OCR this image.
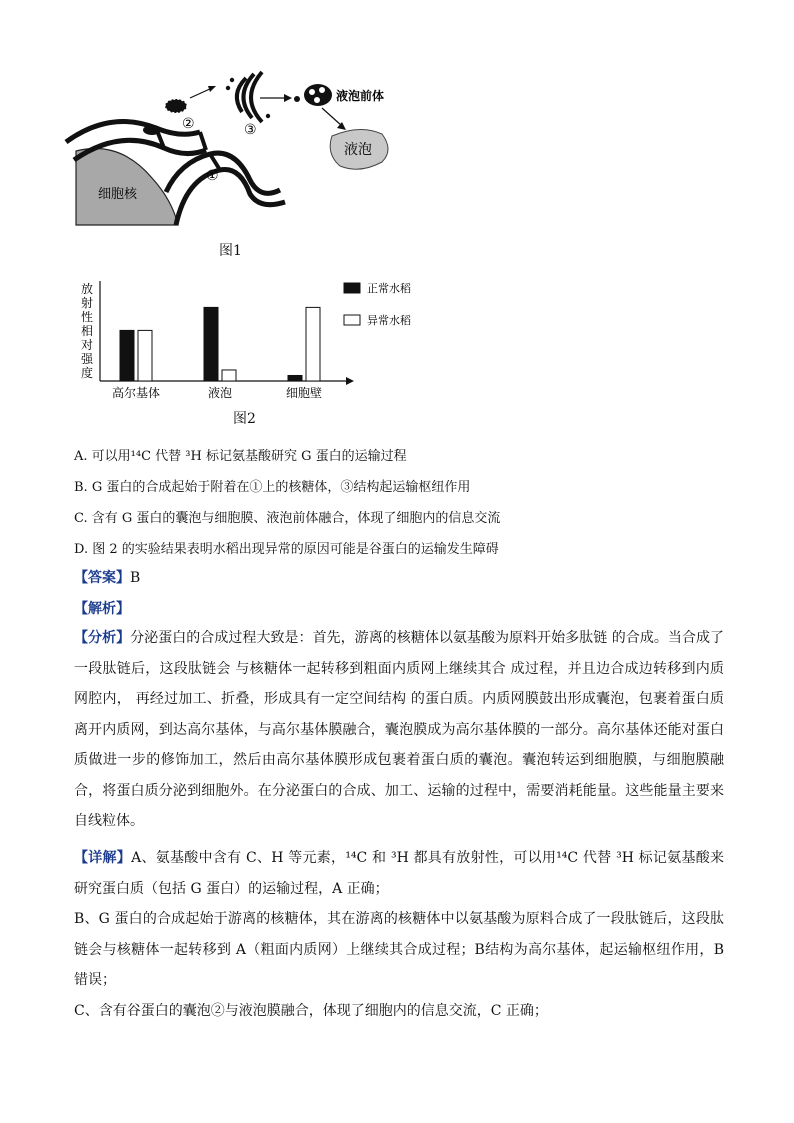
②	③
液泡前体
液泡
①
细胞核
图1
放
射
性
相
对
强
度
高尔基体	液泡	细胞壁
正常水稻
异常水稻
图2
A. 可以用¹⁴C 代替 ³H 标记氨基酸研究 G 蛋白的运输过程
B. G 蛋白的合成起始于附着在①上的核糖体，③结构起运输枢纽作用
C. 含有 G 蛋白的囊泡与细胞膜、液泡前体融合，体现了细胞内的信息交流
D. 图 2 的实验结果表明水稻出现异常的原因可能是谷蛋白的运输发生障碍
【答案】B
【解析】
【分析】分泌蛋白的合成过程大致是：首先，游离的核糖体以氨基酸为原料开始多肽链 的合成。当合成了一段肽链后，这段肽链会 与核糖体一起转移到粗面内质网上继续其合 成过程，并且边合成边转移到内质网腔内， 再经过加工、折叠，形成具有一定空间结构 的蛋白质。内质网膜鼓出形成囊泡，包裹着蛋白质离开内质网，到达高尔基体，与高尔基体膜融合，囊泡膜成为高尔基体膜的一部分。高尔基体还能对蛋白质做进一步的修饰加工，然后由高尔基体膜形成包裹着蛋白质的囊泡。囊泡转运到细胞膜，与细胞膜融合，将蛋白质分泌到细胞外。在分泌蛋白的合成、加工、运输的过程中，需要消耗能量。这些能量主要来自线粒体。
【详解】A、氨基酸中含有 C、H 等元素，¹⁴C 和 ³H 都具有放射性，可以用¹⁴C 代替 ³H 标记氨基酸来研究蛋白质（包括 G 蛋白）的运输过程，A 正确；
B、G 蛋白的合成起始于游离的核糖体，其在游离的核糖体中以氨基酸为原料合成了一段肽链后，这段肽链会与核糖体一起转移到 A（粗面内质网）上继续其合成过程；B结构为高尔基体，起运输枢纽作用，B 错误；
C、含有谷蛋白的囊泡②与液泡膜融合，体现了细胞内的信息交流，C 正确；
